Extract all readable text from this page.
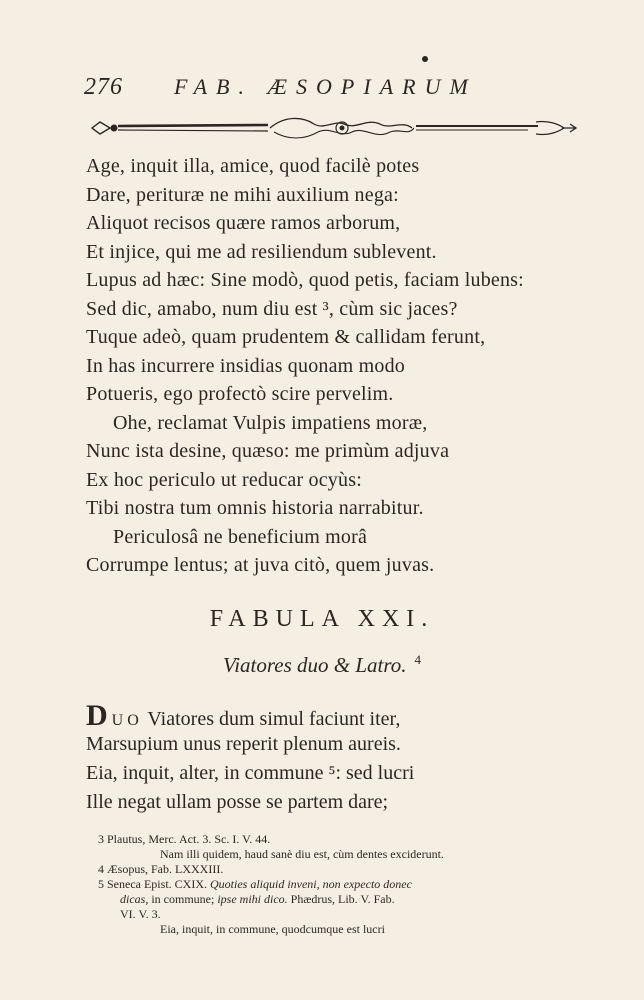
276 FAB. ÆSOPIARUM
Age, inquit illa, amice, quod facilè potes
Dare, perituræ ne mihi auxilium nega:
Aliquot recisos quære ramos arborum,
Et injice, qui me ad resiliendum sublevent.
Lupus ad hæc: Sine modò, quod petis, faciam lubens:
Sed dic, amabo, num diu est ³, cùm sic jaces?
Tuque adeò, quam prudentem & callidam ferunt,
In has incurrere insidias quonam modo
Potueris, ego profectò scire pervelim.
Ohe, reclamat Vulpis impatiens moræ,
Nunc ista desine, quæso: me primùm adjuva
Ex hoc periculo ut reducar ocyùs:
Tibi nostra tum omnis historia narrabitur.
Periculosâ ne beneficium morâ
Corrumpe lentus; at juva citò, quem juvas.
FABULA XXI.
Viatores duo & Latro. $^4$
DUO Viatores dum simul faciunt iter,
Marsupium unus reperit plenum aureis.
Eia, inquit, alter, in commune ⁵: sed lucri
Ille negat ullam posse se partem dare;
3 Plautus, Merc. Act. 3. Sc. I. V. 44.
Nam illi quidem, haud sanè diu est, cùm dentes exciderunt.
4 Æsopus, Fab. LXXXIII.
5 Seneca Epist. CXIX. Quoties aliquid inveni, non expecto donec
dicas, in commune; ipse mihi dico. Phædrus, Lib. V. Fab.
VI. V. 3.
Eia, inquit, in commune, quodcumque est lucri
